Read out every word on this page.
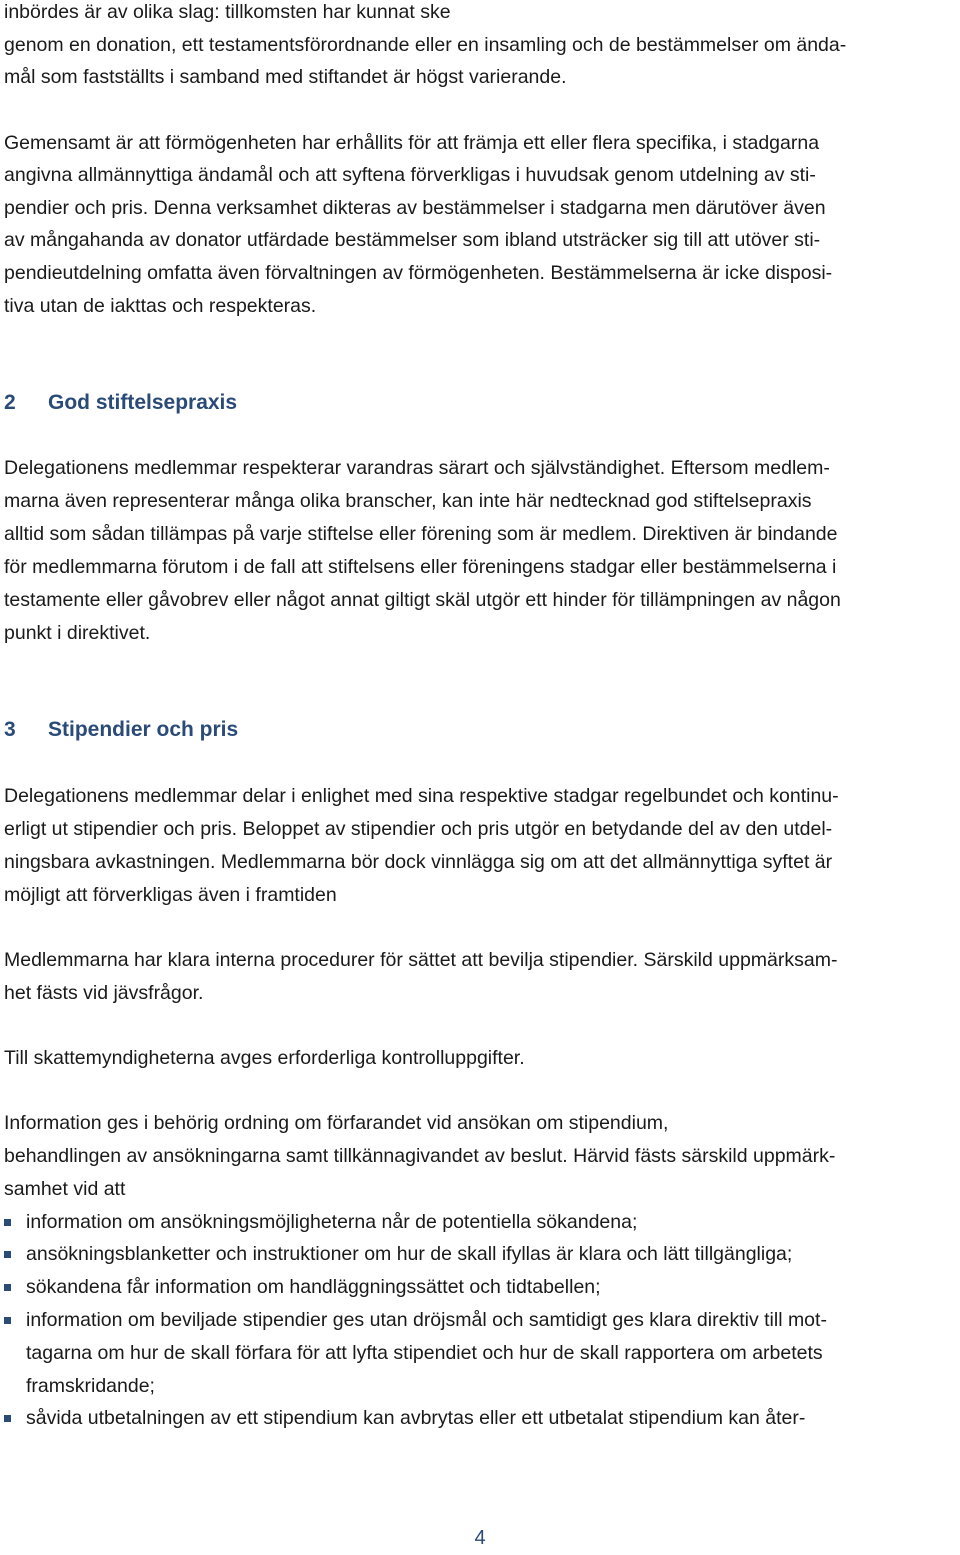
inbördes är av olika slag: tillkomsten har kunnat ske
genom en donation, ett testamentsförordnande eller en insamling och de bestämmelser om ända-
mål som fastställts i samband med stiftandet är högst varierande.
Gemensamt är att förmögenheten har erhållits för att främja ett eller flera specifika, i stadgarna
angivna allmännyttiga ändamål och att syftena förverkligas i huvudsak genom utdelning av sti-
pendier och pris. Denna verksamhet dikteras av bestämmelser i stadgarna men därutöver även
av mångahanda av donator utfärdade bestämmelser som ibland utsträcker sig till att utöver sti-
pendieutdelning omfatta även förvaltningen av förmögenheten. Bestämmelserna är icke disposi-
tiva utan de iakttas och respekteras.
2 God stiftelsepraxis
Delegationens medlemmar respekterar varandras särart och självständighet. Eftersom medlem-
marna även representerar många olika branscher, kan inte här nedtecknad god stiftelsepraxis
alltid som sådan tillämpas på varje stiftelse eller förening som är medlem. Direktiven är bindande
för medlemmarna förutom i de fall att stiftelsens eller föreningens stadgar eller bestämmelserna i
testamente eller gåvobrev eller något annat giltigt skäl utgör ett hinder för tillämpningen av någon
punkt i direktivet.
3 Stipendier och pris
Delegationens medlemmar delar i enlighet med sina respektive stadgar regelbundet och kontinu-
erligt ut stipendier och pris. Beloppet av stipendier och pris utgör en betydande del av den utdel-
ningsbara avkastningen. Medlemmarna bör dock vinnlägga sig om att det allmännyttiga syftet är
möjligt att förverkligas även i framtiden
Medlemmarna har klara interna procedurer för sättet att bevilja stipendier. Särskild uppmärksam-
het fästs vid jävsfrågor.
Till skattemyndigheterna avges erforderliga kontrolluppgifter.
Information ges i behörig ordning om förfarandet vid ansökan om stipendium,
behandlingen av ansökningarna samt tillkännagivandet av beslut. Härvid fästs särskild uppmärk-
samhet vid att
information om ansökningsmöjligheterna når de potentiella sökandena;
ansökningsblanketter och instruktioner om hur de skall ifyllas är klara och lätt tillgängliga;
sökandena får information om handläggningssättet och tidtabellen;
information om beviljade stipendier ges utan dröjsmål och samtidigt ges klara direktiv till mot-
tagarna om hur de skall förfara för att lyfta stipendiet och hur de skall rapportera om arbetets
framskridande;
såvida utbetalningen av ett stipendium kan avbrytas eller ett utbetalat stipendium kan åter-
4
